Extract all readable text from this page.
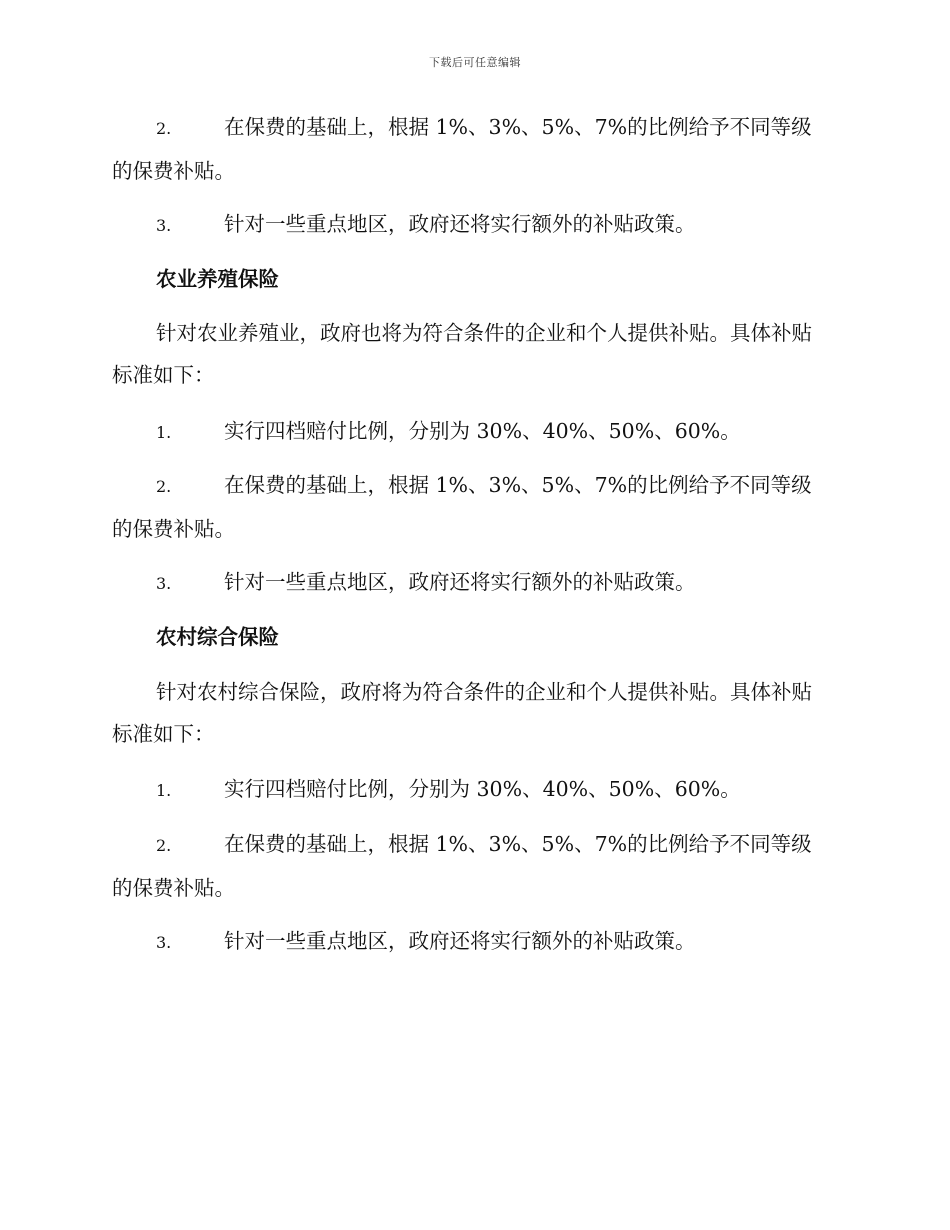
下载后可任意编辑
2.	在保费的基础上，根据 1%、3%、5%、7%的比例给予不同等级的保费补贴。
3.	针对一些重点地区，政府还将实行额外的补贴政策。
农业养殖保险
针对农业养殖业，政府也将为符合条件的企业和个人提供补贴。具体补贴标准如下：
1.	实行四档赔付比例，分别为 30%、40%、50%、60%。
2.	在保费的基础上，根据 1%、3%、5%、7%的比例给予不同等级的保费补贴。
3.	针对一些重点地区，政府还将实行额外的补贴政策。
农村综合保险
针对农村综合保险，政府将为符合条件的企业和个人提供补贴。具体补贴标准如下：
1.	实行四档赔付比例，分别为 30%、40%、50%、60%。
2.	在保费的基础上，根据 1%、3%、5%、7%的比例给予不同等级的保费补贴。
3.	针对一些重点地区，政府还将实行额外的补贴政策。
